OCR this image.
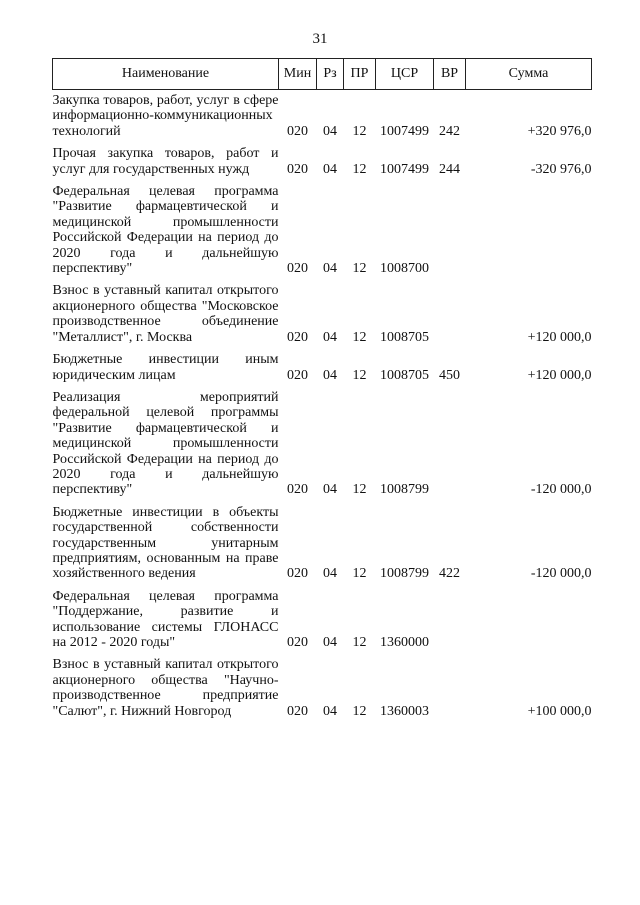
31
Наименование	Мин	Рз	ПР	ЦСР	ВР	Сумма
Закупка товаров, работ, услуг в сфере информационно-коммуникационных технологий	020	04	12	1007499	242	+320 976,0
Прочая закупка товаров, работ и услуг для государственных нужд	020	04	12	1007499	244	-320 976,0
Федеральная целевая программа "Развитие фармацевтической и медицинской промышленности Российской Федерации на период до 2020 года и дальнейшую перспективу"	020	04	12	1008700		
Взнос в уставный капитал открытого акционерного общества "Московское производственное объединение "Металлист", г. Москва	020	04	12	1008705		+120 000,0
Бюджетные инвестиции иным юридическим лицам	020	04	12	1008705	450	+120 000,0
Реализация мероприятий федеральной целевой программы "Развитие фармацевтической и медицинской промышленности Российской Федерации на период до 2020 года и дальнейшую перспективу"	020	04	12	1008799		-120 000,0
Бюджетные инвестиции в объекты государственной собственности государственным унитарным предприятиям, основанным на праве хозяйственного ведения	020	04	12	1008799	422	-120 000,0
Федеральная целевая программа "Поддержание, развитие и использование системы ГЛОНАСС на 2012 - 2020 годы"	020	04	12	1360000		
Взнос в уставный капитал открытого акционерного общества "Научно-производственное предприятие "Салют", г. Нижний Новгород	020	04	12	1360003		+100 000,0
